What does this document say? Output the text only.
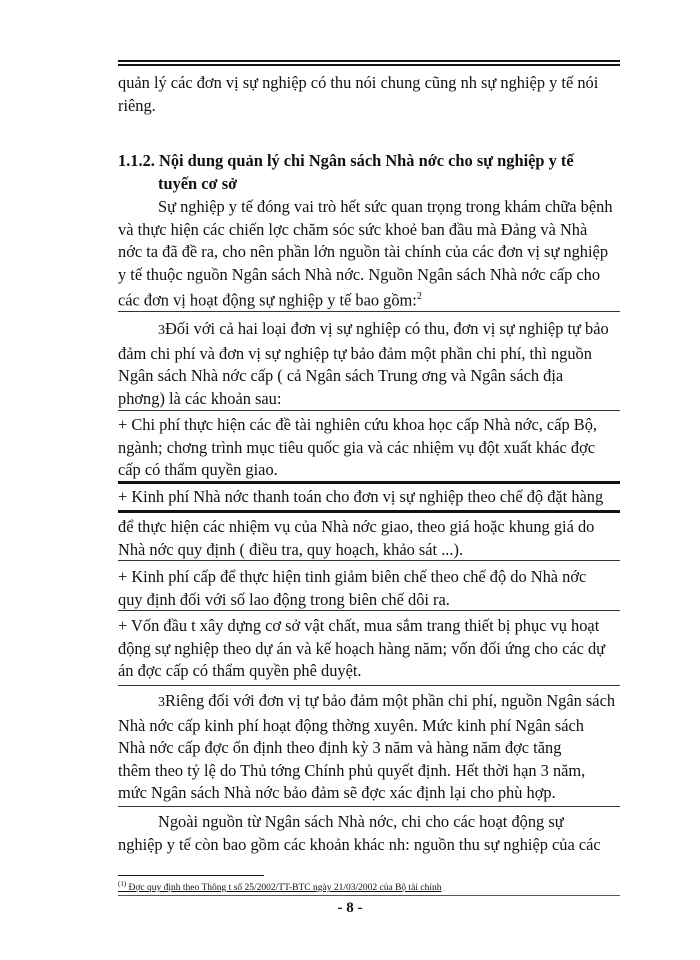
quản lý các đơn vị sự nghiệp có thu nói chung cũng nh sự nghiệp y tế nói
riêng.
1.1.2. Nội dung quản lý chi Ngân sách Nhà nớc cho sự nghiệp y tế
tuyến cơ sở
Sự nghiệp y tế đóng vai trò hết sức quan trọng trong khám chữa bệnh
và thực hiện các chiến lợc chăm sóc sức khoẻ ban đầu mà Đảng và Nhà
nớc ta đã đề ra, cho nên phần lớn nguồn tài chính của các đơn vị sự nghiệp
y tế thuộc nguồn Ngân sách Nhà nớc. Nguồn Ngân sách Nhà nớc cấp cho
các đơn vị hoạt động sự nghiệp y tế bao gồm:$^2$
3Đối với cả hai loại đơn vị sự nghiệp có thu, đơn vị sự nghiệp tự bảo
đảm chi phí và đơn vị sự nghiệp tự bảo đảm một phần chi phí, thì nguồn
Ngân sách Nhà nớc cấp ( cả Ngân sách Trung ơng và Ngân sách địa
phơng) là các khoản sau:
+ Chi phí thực hiện các đề tài nghiên cứu khoa học cấp Nhà nớc, cấp Bộ,
ngành; chơng trình mục tiêu quốc gia và các nhiệm vụ đột xuất khác đợc
cấp có thẩm quyền giao.
+ Kinh phí Nhà nớc thanh toán cho đơn vị sự nghiệp theo chế độ đặt hàng
để thực hiện các nhiệm vụ của Nhà nớc giao, theo giá hoặc khung giá do
Nhà nớc quy định ( điều tra, quy hoạch, khảo sát ...).
+ Kinh phí cấp để thực hiện tinh giảm biên chế theo chế độ do Nhà nớc
quy định đối với số lao động trong biên chế dôi ra.
+ Vốn đầu t xây dựng cơ sở vật chất, mua sắm trang thiết bị phục vụ hoạt
động sự nghiệp theo dự án và kế hoạch hàng năm; vốn đối ứng cho các dự
án đợc cấp có thẩm quyền phê duyệt.
3Riêng đối với đơn vị tự bảo đảm một phần chi phí, nguồn Ngân sách
Nhà nớc cấp kinh phí hoạt động thờng xuyên. Mức kinh phí Ngân sách
Nhà nớc cấp đợc ổn định theo định kỳ 3 năm và hàng năm đợc tăng
thêm theo tỷ lệ do Thủ tớng Chính phủ quyết định. Hết thời hạn 3 năm,
mức Ngân sách Nhà nớc bảo đảm sẽ đợc xác định lại cho phù hợp.
Ngoài nguồn từ Ngân sách Nhà nớc, chi cho các hoạt động sự
nghiệp y tế còn bao gồm các khoản khác nh: nguồn thu sự nghiệp của các
$^{(1)}$ Đợc quy định theo Thông t số 25/2002/TT-BTC ngày 21/03/2002 của Bộ tài chính
- 8 -
